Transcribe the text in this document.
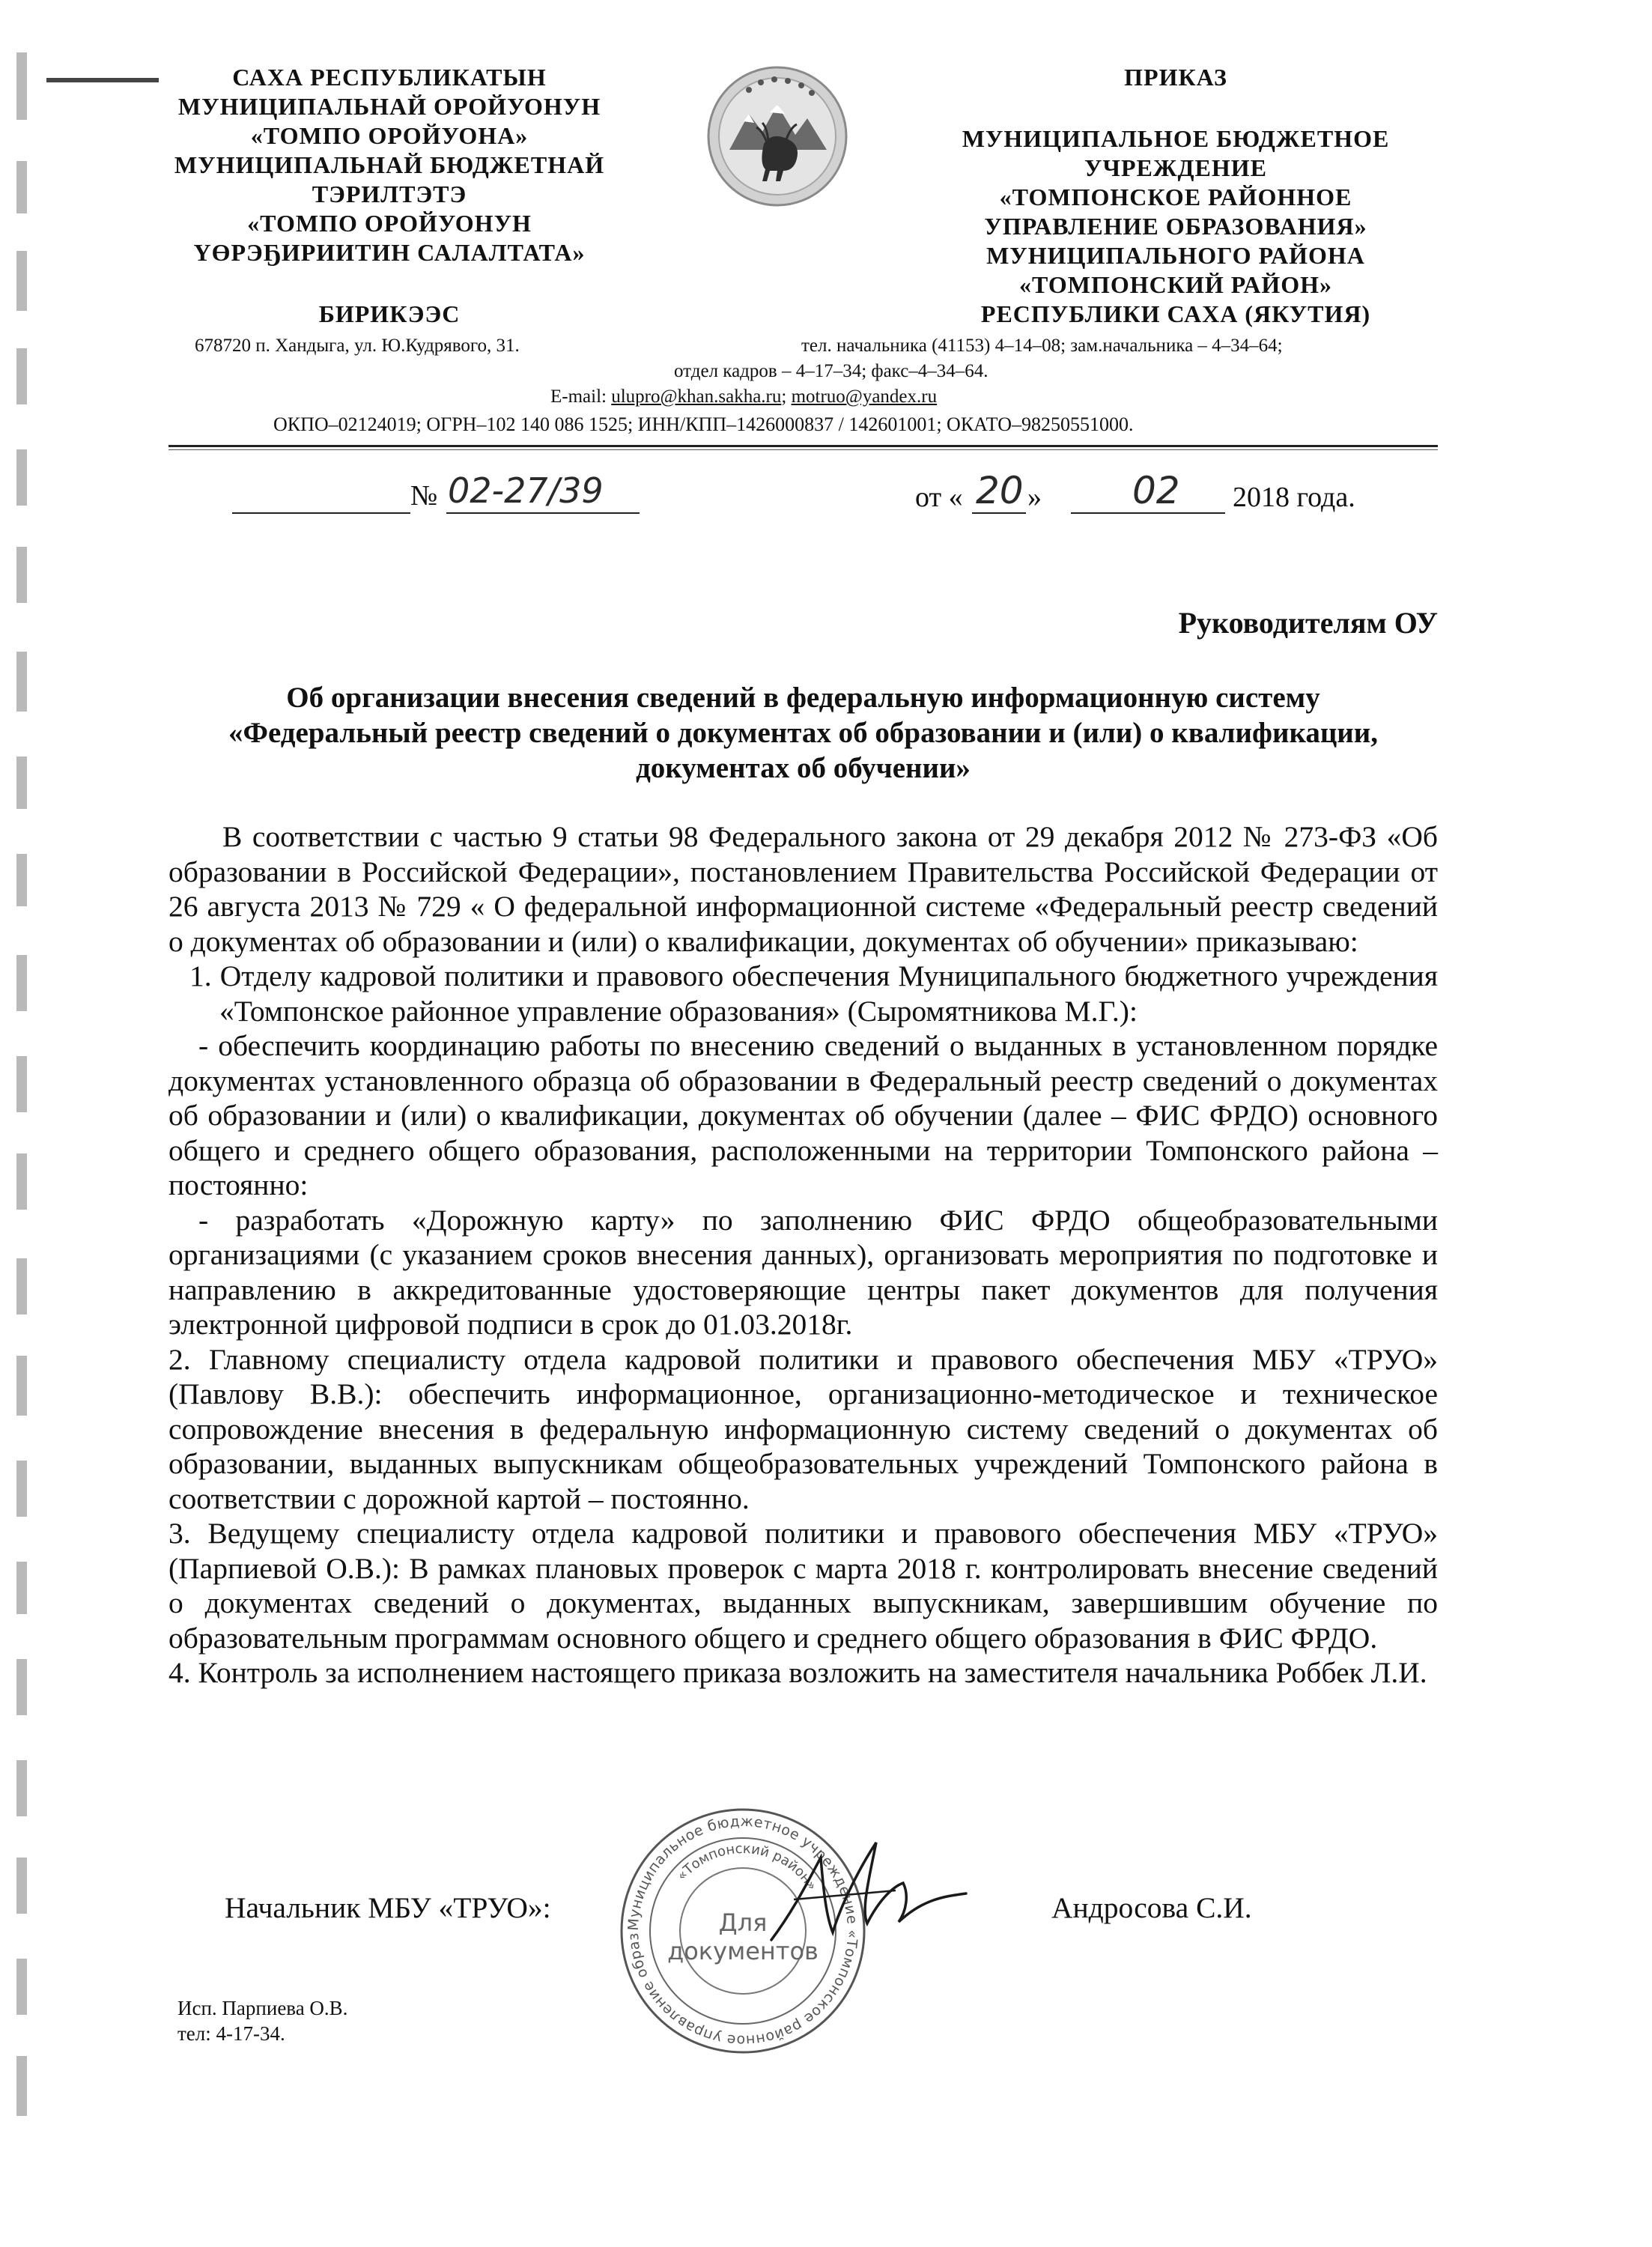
САХА РЕСПУБЛИКАТЫН
МУНИЦИПАЛЬНАЙ ОРОЙУОНУН
«ТОМПО ОРОЙУОНА»
МУНИЦИПАЛЬНАЙ БЮДЖЕТНАЙ
ТЭРИЛТЭТЭ
«ТОМПО ОРОЙУОНУН
ҮӨРЭҔИРИИТИН САЛАЛТАТА»
БИРИКЭЭС
ПРИКАЗ
МУНИЦИПАЛЬНОЕ БЮДЖЕТНОЕ
УЧРЕЖДЕНИЕ
«ТОМПОНСКОЕ РАЙОННОЕ
УПРАВЛЕНИЕ ОБРАЗОВАНИЯ»
МУНИЦИПАЛЬНОГО РАЙОНА
«ТОМПОНСКИЙ РАЙОН»
РЕСПУБЛИКИ САХА (ЯКУТИЯ)
678720 п. Хандыга, ул. Ю.Кудрявого, 31.	тел. начальника (41153) 4–14–08; зам.начальника – 4–34–64;
отдел кадров – 4–17–34; факс–4–34–64.
E-mail: ulupro@khan.sakha.ru; motruo@yandex.ru
ОКПО–02124019; ОГРН–102 140 086 1525; ИНН/КПП–1426000837 / 142601001; ОКАТО–98250551000.
№ 02-27/39	от « 20 » 02 2018 года.
Руководителям ОУ
Об организации внесения сведений в федеральную информационную систему
«Федеральный реестр сведений о документах об образовании и (или) о квалификации,
документах об обучении»

В соответствии с частью 9 статьи 98 Федерального закона от 29 декабря 2012 № 273-ФЗ «Об образовании в Российской Федерации», постановлением Правительства Российской Федерации от 26 августа 2013 № 729 « О федеральной информационной системе «Федеральный реестр сведений о документах об образовании и (или) о квалификации, документах об обучении» приказываю:

1. Отделу кадровой политики и правового обеспечения Муниципального бюджетного учреждения «Томпонское районное управление образования» (Сыромятникова М.Г.):

- обеспечить координацию работы по внесению сведений о выданных в установленном порядке документах установленного образца об образовании в Федеральный реестр сведений о документах об образовании и (или) о квалификации, документах об обучении (далее – ФИС ФРДО) основного общего и среднего общего образования, расположенными на территории Томпонского района – постоянно:

- разработать «Дорожную карту» по заполнению ФИС ФРДО общеобразовательными организациями (с указанием сроков внесения данных), организовать мероприятия по подготовке и направлению в аккредитованные удостоверяющие центры пакет документов для получения электронной цифровой подписи в срок до 01.03.2018г.

2. Главному специалисту отдела кадровой политики и правового обеспечения МБУ «ТРУО» (Павлову В.В.): обеспечить информационное, организационно-методическое и техническое сопровождение внесения в федеральную информационную систему сведений о документах об образовании, выданных выпускникам общеобразовательных учреждений Томпонского района в соответствии с дорожной картой – постоянно.

3. Ведущему специалисту отдела кадровой политики и правового обеспечения МБУ «ТРУО» (Парпиевой О.В.): В рамках плановых проверок с марта 2018 г. контролировать внесение сведений о документах сведений о документах, выданных выпускникам, завершившим обучение по образовательным программам основного общего и среднего общего образования в ФИС ФРДО.

4. Контроль за исполнением настоящего приказа возложить на заместителя начальника Роббек Л.И.

Начальник МБУ «ТРУО»:	Андросова С.И.
Муниципальное бюджетное учреждение «Томпонское районное управление образ
«Томпонский район»
Для
документов
Исп. Парпиева О.В.
тел: 4-17-34.
